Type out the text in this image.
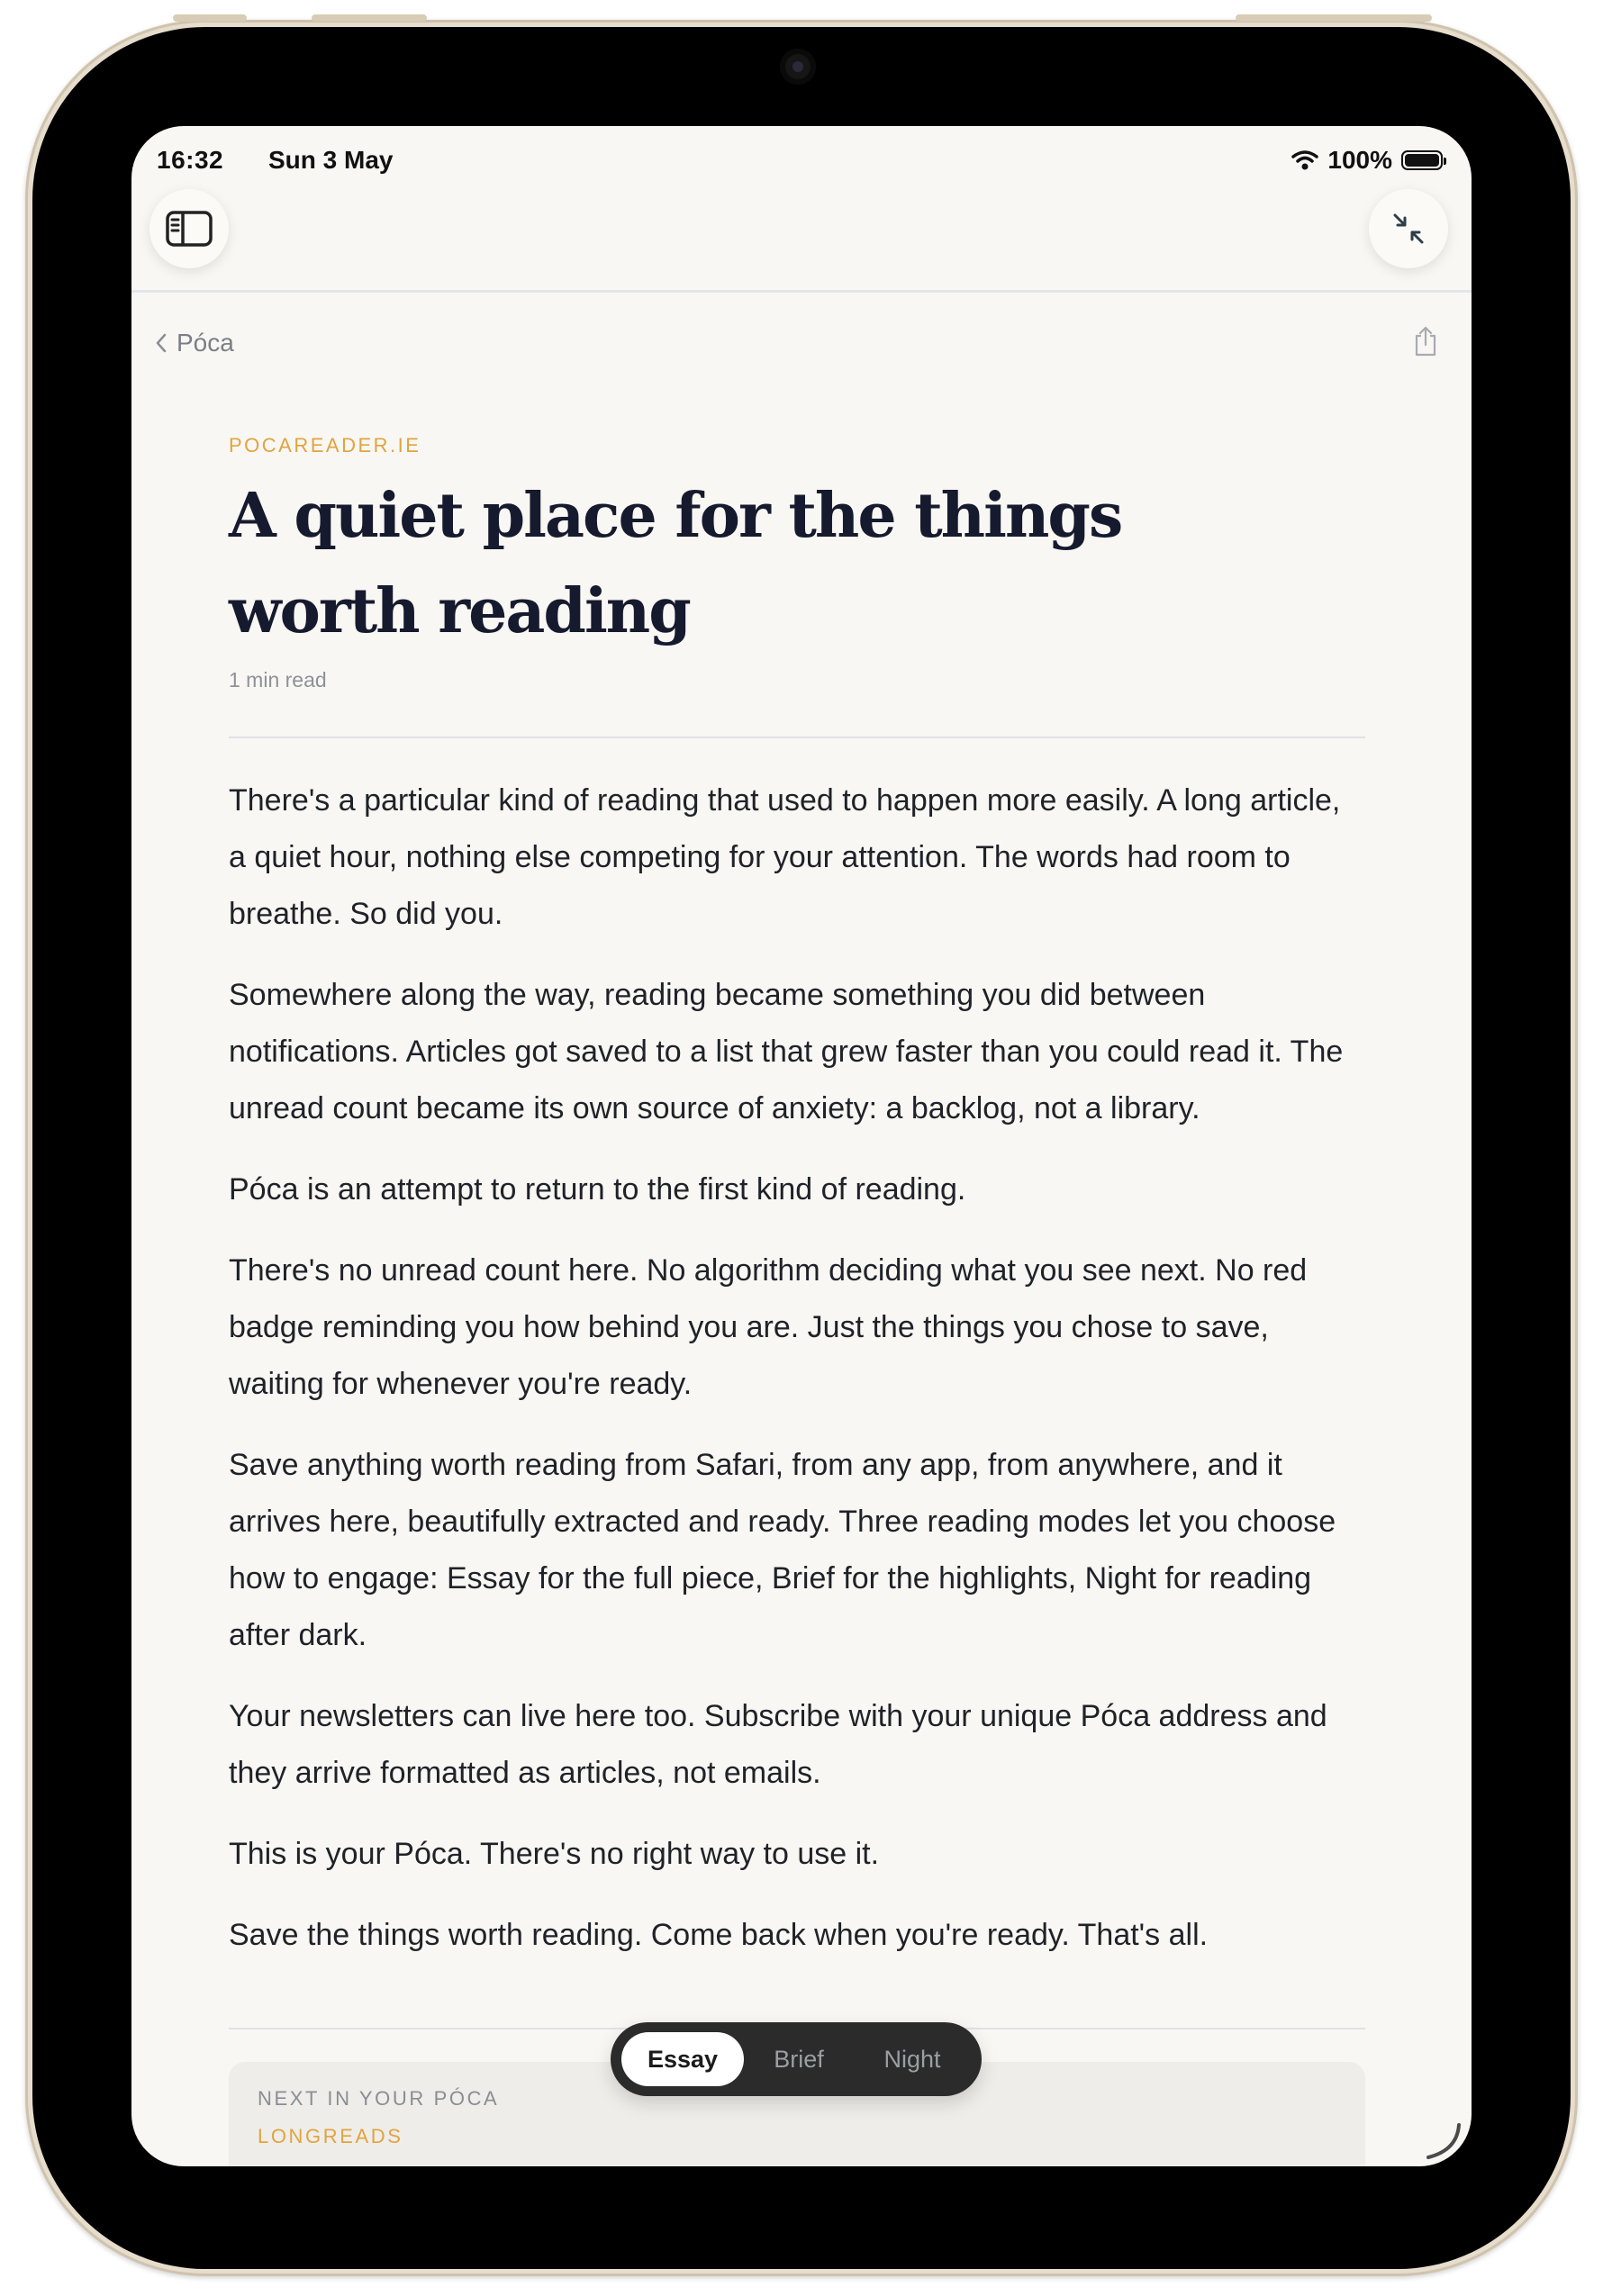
16:32 Sun 3 May	100%
Póca
POCAREADER.IE
A quiet place for the things
worth reading
1 min read

There's a particular kind of reading that used to happen more easily. A long article, a quiet hour, nothing else competing for your attention. The words had room to breathe. So did you.

Somewhere along the way, reading became something you did between notifications. Articles got saved to a list that grew faster than you could read it. The unread count became its own source of anxiety: a backlog, not a library.

Póca is an attempt to return to the first kind of reading.

There's no unread count here. No algorithm deciding what you see next. No red badge reminding you how behind you are. Just the things you chose to save, waiting for whenever you're ready.

Save anything worth reading from Safari, from any app, from anywhere, and it arrives here, beautifully extracted and ready. Three reading modes let you choose how to engage: Essay for the full piece, Brief for the highlights, Night for reading after dark.

Your newsletters can live here too. Subscribe with your unique Póca address and they arrive formatted as articles, not emails.

This is your Póca. There's no right way to use it.

Save the things worth reading. Come back when you're ready. That's all.

NEXT IN YOUR PÓCA
LONGREADS
Essay	Brief	Night
